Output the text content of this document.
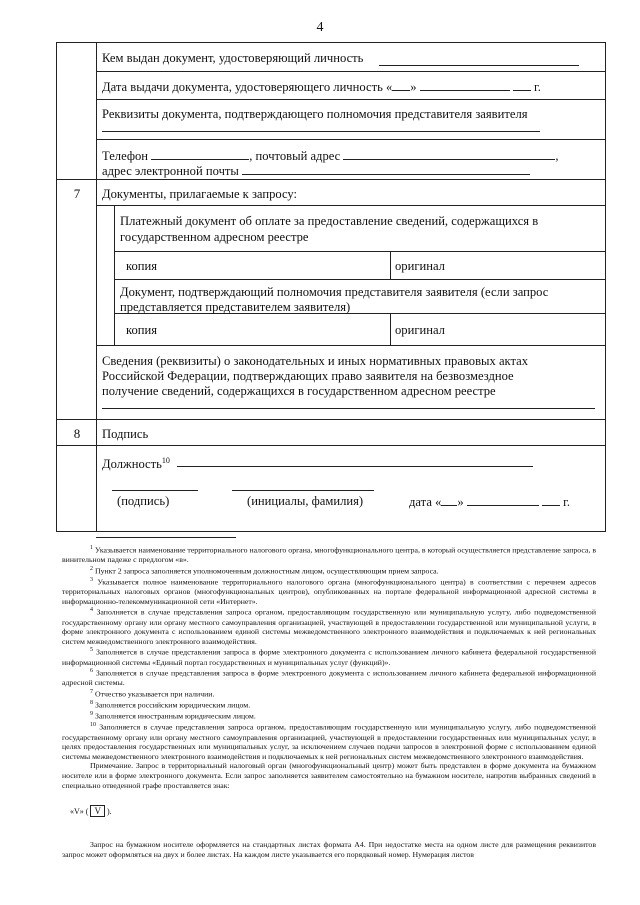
4
Кем выдан документ, удостоверяющий личность
Дата выдачи документа, удостоверяющего личность « »	г.
Реквизиты документа, подтверждающего полномочия представителя заявителя
Телефон	, почтовый адрес	,
адрес электронной почты
7	Документы, прилагаемые к запросу:
Платежный документ об оплате за предоставление сведений, содержащихся в
государственном адресном реестре
копия	оригинал
Документ, подтверждающий полномочия представителя заявителя (если запрос
представляется представителем заявителя)
копия	оригинал
Сведения (реквизиты) о законодательных и иных нормативных правовых актах
Российской Федерации, подтверждающих право заявителя на безвозмездное
получение сведений, содержащихся в государственном адресном реестре
8	Подпись
Должность$^{10}$
(подпись)	(инициалы, фамилия)	дата « »	г.

$^1$ Указывается наименование территориального налогового органа, многофункционального центра, в который осуществляется представление запроса, в винительном падеже с предлогом «в».

$^2$ Пункт 2 запроса заполняется уполномоченным должностным лицом, осуществляющим прием запроса.

$^3$ Указывается полное наименование территориального налогового органа (многофункционального центра) в соответствии с перечнем адресов территориальных налоговых органов (многофункциональных центров), опубликованных на портале федеральной информационной адресной системы в информационно-телекоммуникационной сети «Интернет».

$^4$ Заполняется в случае представления запроса органом, предоставляющим государственную или муниципальную услугу, либо подведомственной государственному органу или органу местного самоуправления организацией, участвующей в предоставлении государственной или муниципальной услуги, в форме электронного документа с использованием единой системы межведомственного электронного взаимодействия и подключаемых к ней региональных систем межведомственного электронного взаимодействия.

$^5$ Заполняется в случае представления запроса в форме электронного документа с использованием личного кабинета федеральной государственной информационной системы «Единый портал государственных и муниципальных услуг (функций)».

$^6$ Заполняется в случае представления запроса в форме электронного документа с использованием личного кабинета федеральной информационной адресной системы.

$^7$ Отчество указывается при наличии.

$^8$ Заполняется российским юридическим лицом.

$^9$ Заполняется иностранным юридическим лицом.

$^{10}$ Заполняется в случае представления запроса органом, предоставляющим государственную или муниципальную услугу, либо подведомственной государственному органу или органу местного самоуправления организацией, участвующей в предоставлении государственных или муниципальных услуг, в целях предоставления государственных или муниципальных услуг, за исключением случаев подачи запросов в электронной форме с использованием единой системы межведомственного электронного взаимодействия и подключаемых к ней региональных систем межведомственного электронного взаимодействия.

Примечание. Запрос в территориальный налоговый орган (многофункциональный центр) может быть представлен в форме документа на бумажном носителе или в форме электронного документа. Если запрос заполняется заявителем самостоятельно на бумажном носителе, напротив выбранных сведений в специально отведенной графе проставляется знак:

«V» ( V ).

Запрос на бумажном носителе оформляется на стандартных листах формата А4. При недостатке места на одном листе для размещения реквизитов запрос может оформляться на двух и более листах. На каждом листе указывается его порядковый номер. Нумерация листов
